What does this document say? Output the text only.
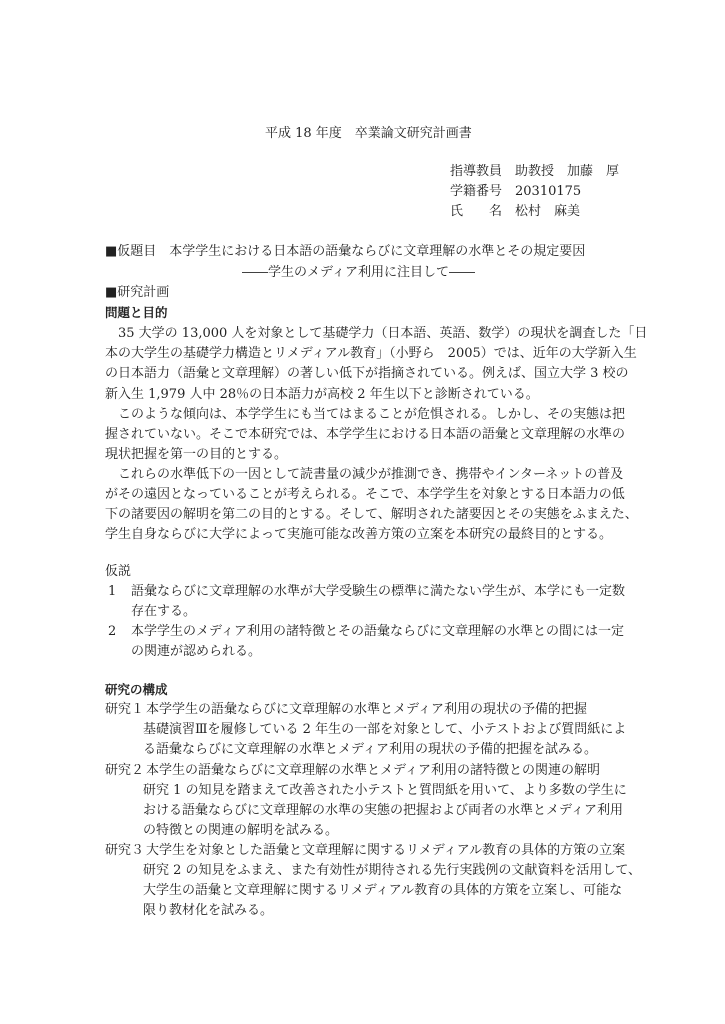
平成 18 年度　卒業論文研究計画書
指導教員　助教授　加藤　厚
学籍番号　20310175
氏　　名　松村　麻美
■仮題目　本学学生における日本語の語彙ならびに文章理解の水準とその規定要因
――学生のメディア利用に注目して――
■研究計画
問題と目的
35 大学の 13,000 人を対象として基礎学力（日本語、英語、数学）の現状を調査した「日
本の大学生の基礎学力構造とリメディアル教育」（小野ら　2005）では、近年の大学新入生
の日本語力（語彙と文章理解）の著しい低下が指摘されている。例えば、国立大学 3 校の
新入生 1,979 人中 28％の日本語力が高校 2 年生以下と診断されている。
このような傾向は、本学学生にも当てはまることが危惧される。しかし、その実態は把
握されていない。そこで本研究では、本学学生における日本語の語彙と文章理解の水準の
現状把握を第一の目的とする。
これらの水準低下の一因として読書量の減少が推測でき、携帯やインターネットの普及
がその遠因となっていることが考えられる。そこで、本学学生を対象とする日本語力の低
下の諸要因の解明を第二の目的とする。そして、解明された諸要因とその実態をふまえた、
学生自身ならびに大学によって実施可能な改善方策の立案を本研究の最終目的とする。
仮説
1 語彙ならびに文章理解の水準が大学受験生の標準に満たない学生が、本学にも一定数
存在する。
2 本学学生のメディア利用の諸特徴とその語彙ならびに文章理解の水準との間には一定
の関連が認められる。
研究の構成
研究１ 本学学生の語彙ならびに文章理解の水準とメディア利用の現状の予備的把握
基礎演習Ⅲを履修している 2 年生の一部を対象として、小テストおよび質問紙によ
る語彙ならびに文章理解の水準とメディア利用の現状の予備的把握を試みる。
研究２ 本学生の語彙ならびに文章理解の水準とメディア利用の諸特徴との関連の解明
研究 1 の知見を踏まえて改善された小テストと質問紙を用いて、より多数の学生に
おける語彙ならびに文章理解の水準の実態の把握および両者の水準とメディア利用
の特徴との関連の解明を試みる。
研究３ 大学生を対象とした語彙と文章理解に関するリメディアル教育の具体的方策の立案
研究 2 の知見をふまえ、また有効性が期待される先行実践例の文献資料を活用して、
大学生の語彙と文章理解に関するリメディアル教育の具体的方策を立案し、可能な
限り教材化を試みる。
